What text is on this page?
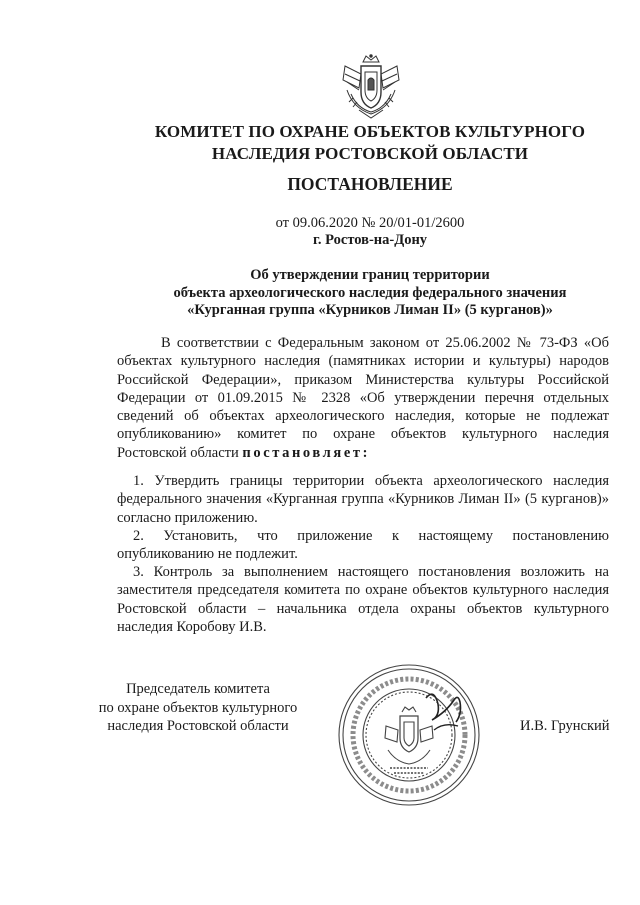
КОМИТЕТ ПО ОХРАНЕ ОБЪЕКТОВ КУЛЬТУРНОГО
НАСЛЕДИЯ РОСТОВСКОЙ ОБЛАСТИ
ПОСТАНОВЛЕНИЕ
от 09.06.2020 № 20/01-01/2600
г. Ростов-на-Дону
Об утверждении границ территории
объекта археологического наследия федерального значения
«Курганная группа «Курников Лиман II» (5 курганов)»
В соответствии с Федеральным законом от 25.06.2002 № 73-ФЗ «Об объектах культурного наследия (памятниках истории и культуры) народов Российской Федерации», приказом Министерства культуры Российской Федерации от 01.09.2015 № 2328 «Об утверждении перечня отдельных сведений об объектах археологического наследия, которые не подлежат опубликованию» комитет по охране объектов культурного наследия Ростовской области постановляет:
1. Утвердить границы территории объекта археологического наследия федерального значения «Курганная группа «Курников Лиман II» (5 курганов)» согласно приложению.
2. Установить, что приложение к настоящему постановлению опубликованию не подлежит.
3. Контроль за выполнением настоящего постановления возложить на заместителя председателя комитета по охране объектов культурного наследия Ростовской области – начальника отдела охраны объектов культурного наследия Коробову И.В.
Председатель комитета
по охране объектов культурного
наследия Ростовской области	И.В. Грунский
